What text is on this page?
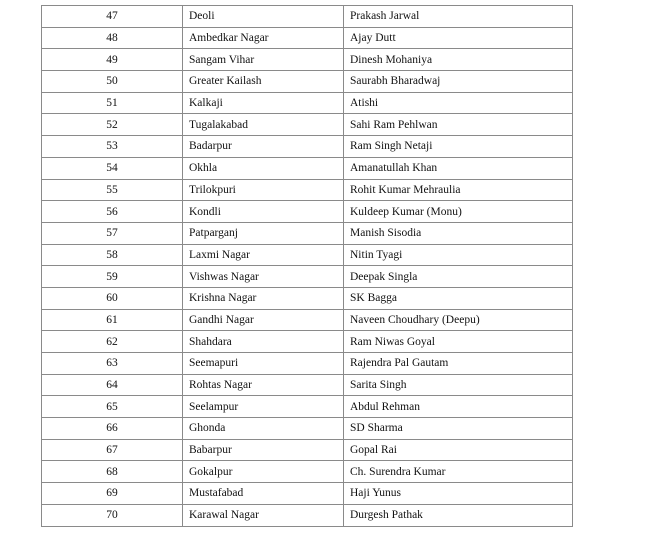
47	Deoli	Prakash Jarwal
48	Ambedkar Nagar	Ajay Dutt
49	Sangam Vihar	Dinesh Mohaniya
50	Greater Kailash	Saurabh Bharadwaj
51	Kalkaji	Atishi
52	Tugalakabad	Sahi Ram Pehlwan
53	Badarpur	Ram Singh Netaji
54	Okhla	Amanatullah Khan
55	Trilokpuri	Rohit Kumar Mehraulia
56	Kondli	Kuldeep Kumar (Monu)
57	Patparganj	Manish Sisodia
58	Laxmi Nagar	Nitin Tyagi
59	Vishwas Nagar	Deepak Singla
60	Krishna Nagar	SK Bagga
61	Gandhi Nagar	Naveen Choudhary (Deepu)
62	Shahdara	Ram Niwas Goyal
63	Seemapuri	Rajendra Pal Gautam
64	Rohtas Nagar	Sarita Singh
65	Seelampur	Abdul Rehman
66	Ghonda	SD Sharma
67	Babarpur	Gopal Rai
68	Gokalpur	Ch. Surendra Kumar
69	Mustafabad	Haji Yunus
70	Karawal Nagar	Durgesh Pathak
